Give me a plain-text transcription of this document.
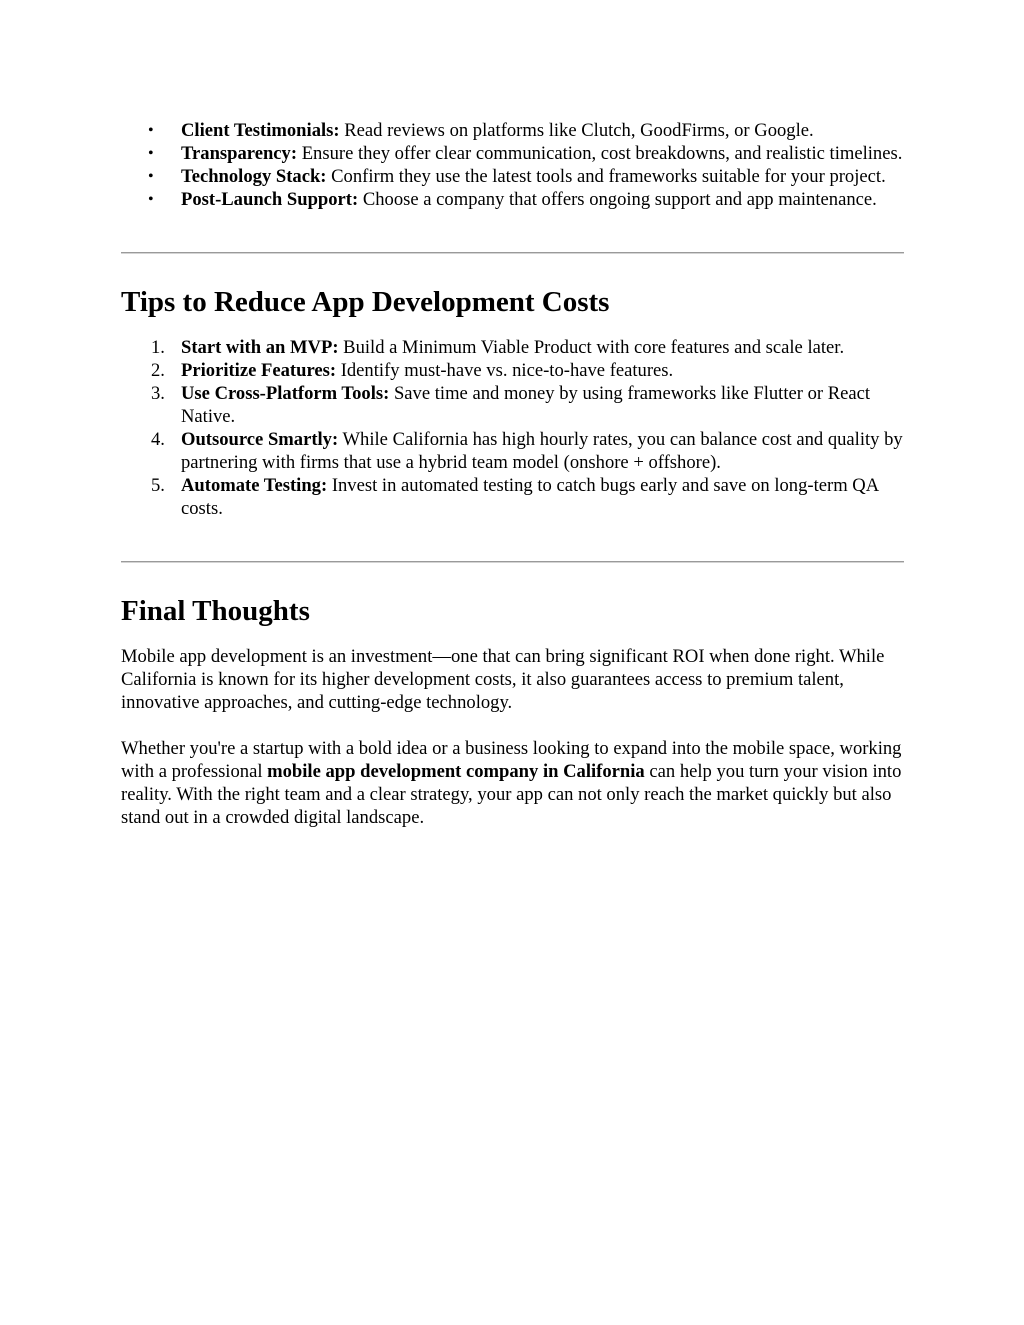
• Client Testimonials: Read reviews on platforms like Clutch, GoodFirms, or Google.
• Transparency: Ensure they offer clear communication, cost breakdowns, and realistic timelines.
• Technology Stack: Confirm they use the latest tools and frameworks suitable for your project.
• Post-Launch Support: Choose a company that offers ongoing support and app maintenance.
Tips to Reduce App Development Costs
1. Start with an MVP: Build a Minimum Viable Product with core features and scale later.
2. Prioritize Features: Identify must-have vs. nice-to-have features.
3. Use Cross-Platform Tools: Save time and money by using frameworks like Flutter or React Native.
4. Outsource Smartly: While California has high hourly rates, you can balance cost and quality by partnering with firms that use a hybrid team model (onshore + offshore).
5. Automate Testing: Invest in automated testing to catch bugs early and save on long-term QA costs.
Final Thoughts

Mobile app development is an investment—one that can bring significant ROI when done right. While California is known for its higher development costs, it also guarantees access to premium talent, innovative approaches, and cutting-edge technology.

Whether you're a startup with a bold idea or a business looking to expand into the mobile space, working with a professional mobile app development company in California can help you turn your vision into reality. With the right team and a clear strategy, your app can not only reach the market quickly but also stand out in a crowded digital landscape.
